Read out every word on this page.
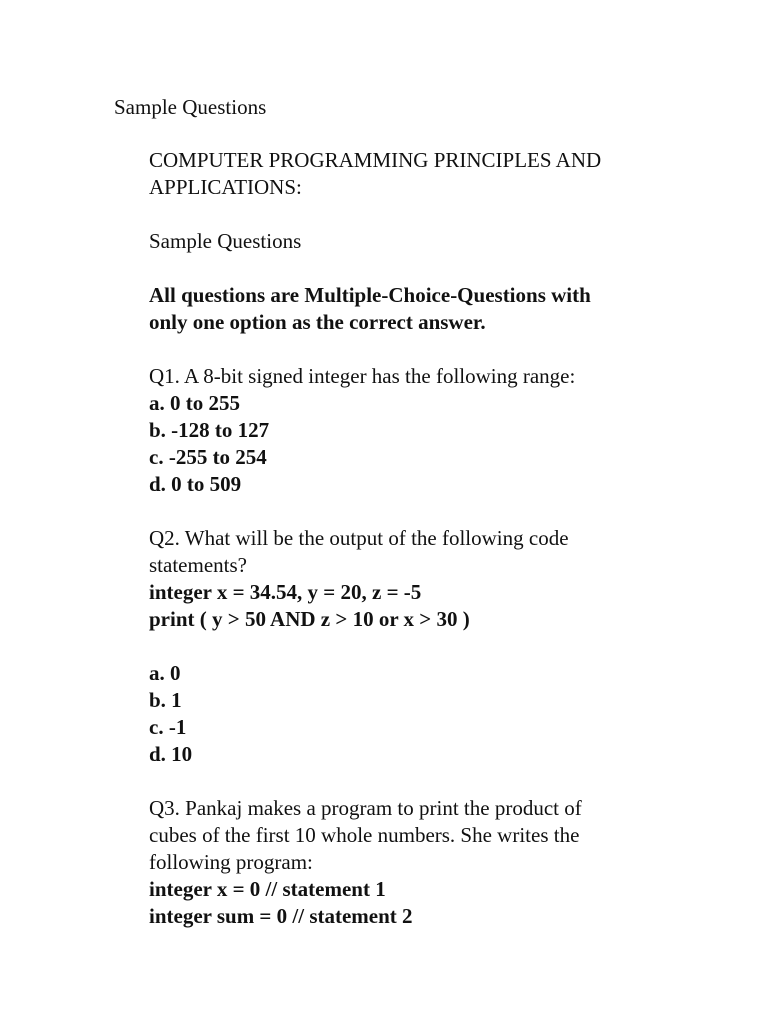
Sample Questions
COMPUTER PROGRAMMING PRINCIPLES AND
APPLICATIONS:
Sample Questions
All questions are Multiple-Choice-Questions with
only one option as the correct answer.
Q1. A 8-bit signed integer has the following range:
a. 0 to 255
b. -128 to 127
c. -255 to 254
d. 0 to 509
Q2. What will be the output of the following code
statements?
integer x = 34.54, y = 20, z = -5
print ( y > 50 AND z > 10 or x > 30 )
a. 0
b. 1
c. -1
d. 10
Q3. Pankaj makes a program to print the product of
cubes of the first 10 whole numbers. She writes the
following program:
integer x = 0 // statement 1
integer sum = 0 // statement 2
